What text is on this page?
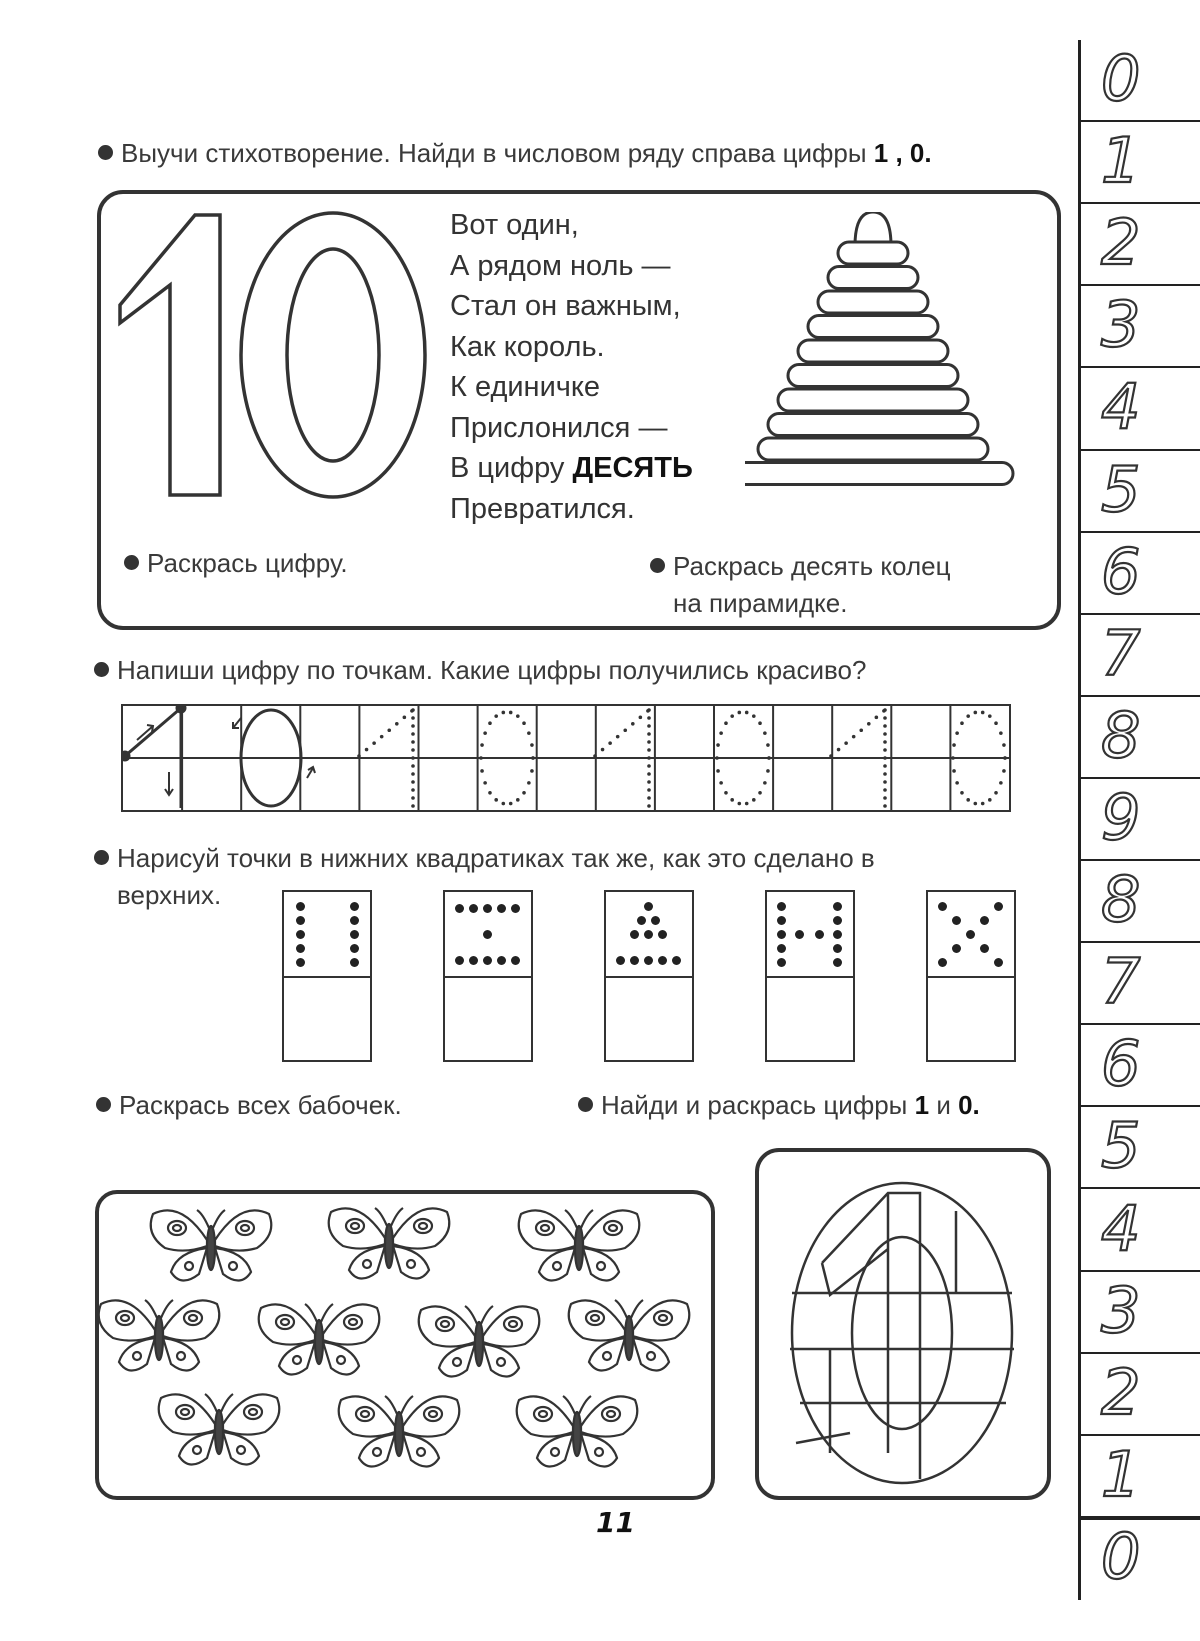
Выучи стихотворение. Найди в числовом ряду справа цифры 1 , 0.
Вот один,
А рядом ноль —
Стал он важным,
Как король.
К единичке
Прислонился —
В цифру ДЕСЯТЬ
Превратился.
Раскрась цифру.	Раскрась десять колец
на пирамидке.
Напиши цифру по точкам. Какие цифры получились красиво?
Нарисуй точки в нижних квадратиках так же, как это сделано в
верхних.
Раскрась всех бабочек.	Найди и раскрась цифры 1 и 0.
0
1
2
3
4
5
6
7
8
9
8
7
6
5
4
3
2
1
0
11
